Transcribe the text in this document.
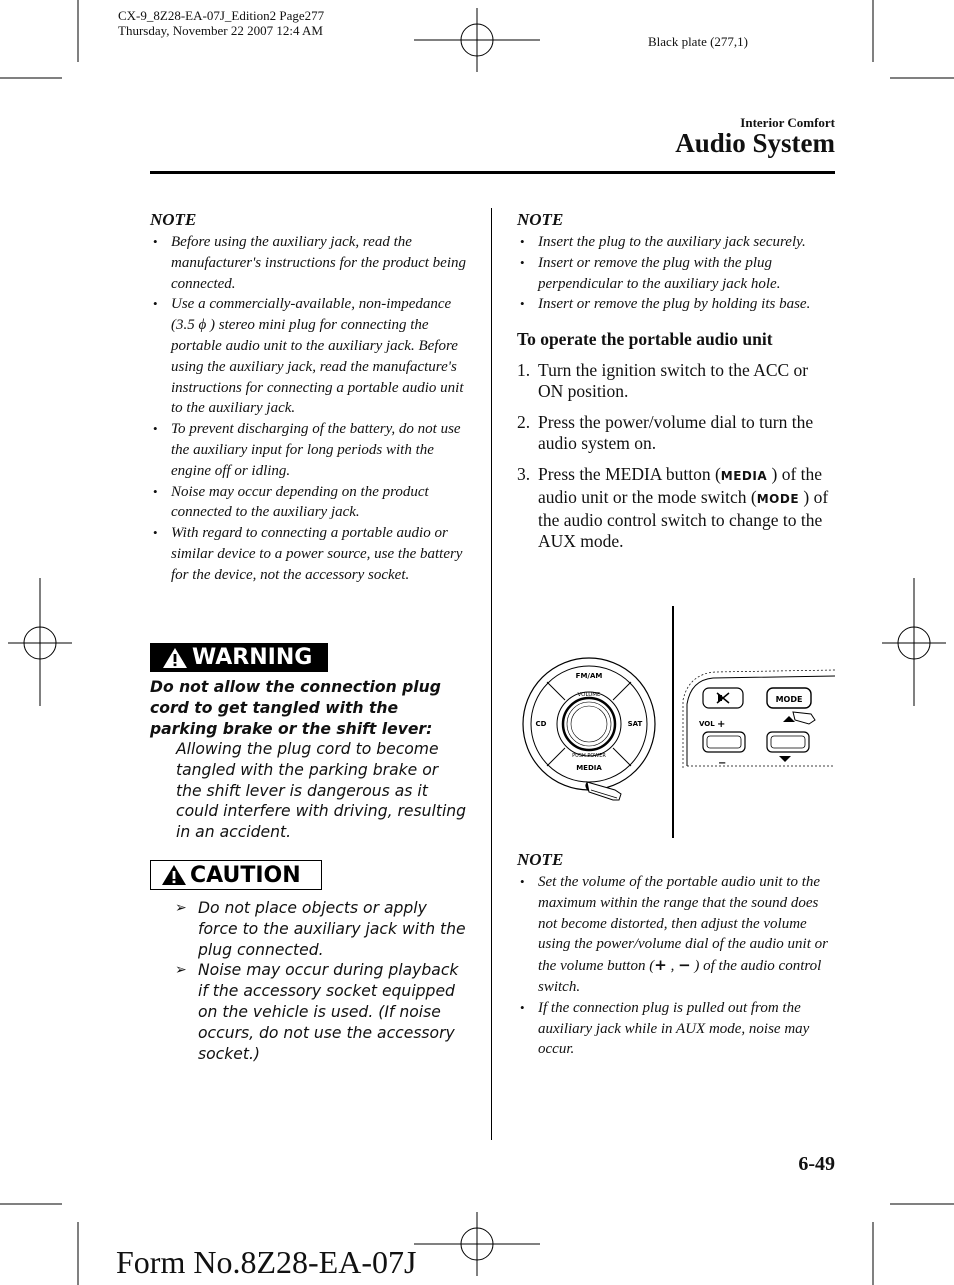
CX-9_8Z28-EA-07J_Edition2 Page277
Thursday, November 22 2007 12:4 AM
Black plate (277,1)
Interior Comfort
Audio System
NOTE
• Before using the auxiliary jack, read the manufacturer's instructions for the product being connected.
• Use a commercially-available, non-impedance (3.5 ϕ ) stereo mini plug for connecting the portable audio unit to the auxiliary jack. Before using the auxiliary jack, read the manufacture's instructions for connecting a portable audio unit to the auxiliary jack.
• To prevent discharging of the battery, do not use the auxiliary input for long periods with the engine off or idling.
• Noise may occur depending on the product connected to the auxiliary jack.
• With regard to connecting a portable audio or similar device to a power source, use the battery for the device, not the accessory socket.
WARNING
Do not allow the connection plug cord to get tangled with the parking brake or the shift lever:
Allowing the plug cord to become tangled with the parking brake or the shift lever is dangerous as it could interfere with driving, resulting in an accident.
CAUTION
➢ Do not place objects or apply force to the auxiliary jack with the plug connected.
➢ Noise may occur during playback if the accessory socket equipped on the vehicle is used. (If noise occurs, do not use the accessory socket.)
NOTE
• Insert the plug to the auxiliary jack securely.
• Insert or remove the plug with the plug perpendicular to the auxiliary jack hole.
• Insert or remove the plug by holding its base.
To operate the portable audio unit
1. Turn the ignition switch to the ACC or ON position.
2. Press the power/volume dial to turn the audio system on.
3. Press the MEDIA button (MEDIA ) of the audio unit or the mode switch (MODE ) of the audio control switch to change to the AUX mode.
FM/AM
VOLUME
CD	SAT
PUSH POWER
MEDIA
MODE
VOL +
−
NOTE
• Set the volume of the portable audio unit to the maximum within the range that the sound does not become distorted, then adjust the volume using the power/volume dial of the audio unit or the volume button (+ , − ) of the audio control switch.
• If the connection plug is pulled out from the auxiliary jack while in AUX mode, noise may occur.
6-49
Form No.8Z28-EA-07J
